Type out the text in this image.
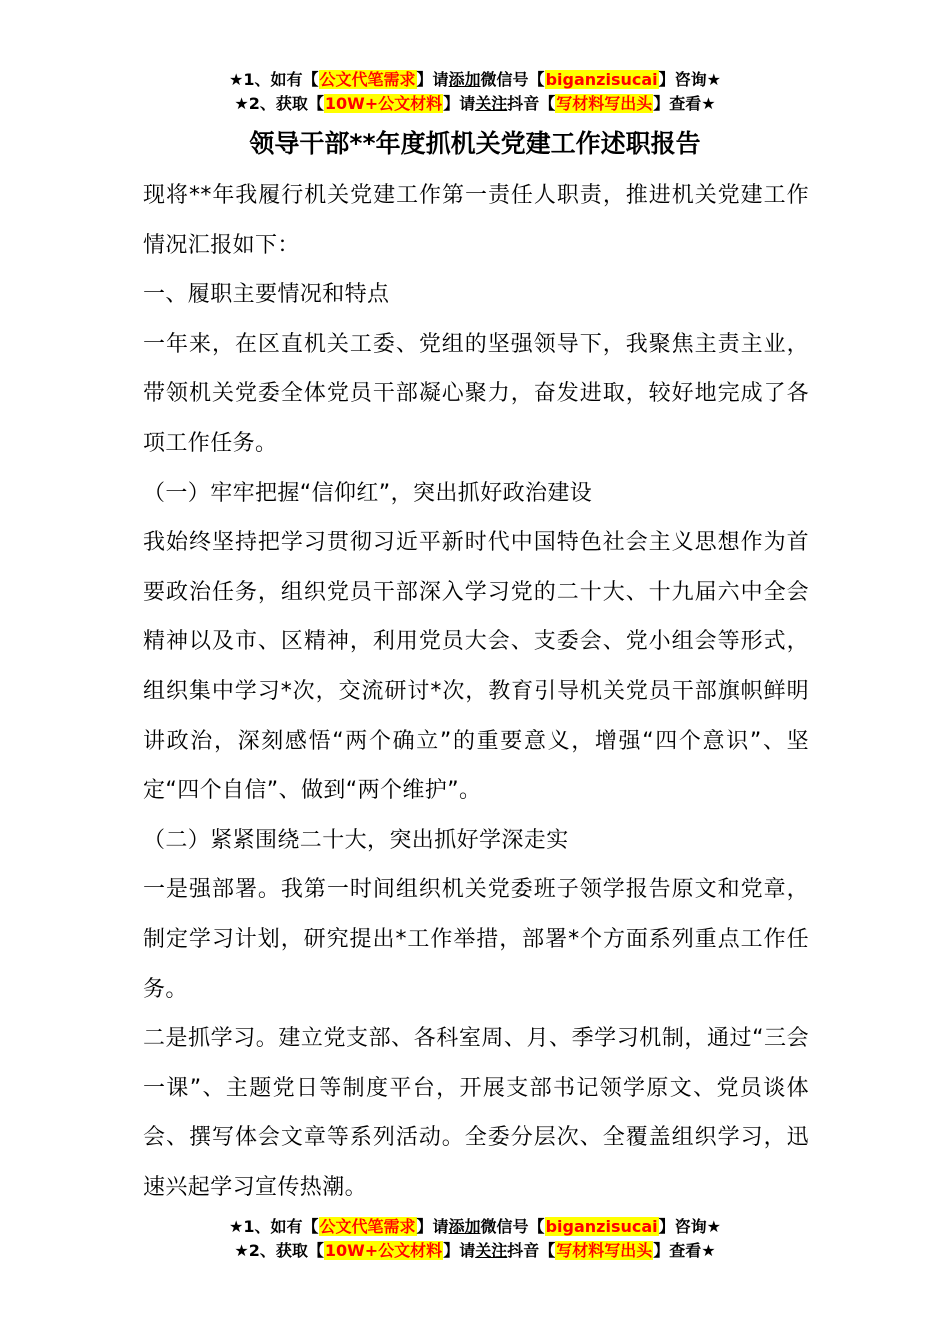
★1、如有【公文代笔需求】请添加微信号【biganzisucai】咨询★
★2、获取【10W+公文材料】请关注抖音【写材料写出头】查看★
领导干部**年度抓机关党建工作述职报告

现将**年我履行机关党建工作第一责任人职责，推进机关党建工作情况汇报如下：

一、履职主要情况和特点

一年来，在区直机关工委、党组的坚强领导下，我聚焦主责主业，带领机关党委全体党员干部凝心聚力，奋发进取，较好地完成了各项工作任务。

（一）牢牢把握“信仰红”，突出抓好政治建设

我始终坚持把学习贯彻习近平新时代中国特色社会主义思想作为首要政治任务，组织党员干部深入学习党的二十大、十九届六中全会精神以及市、区精神，利用党员大会、支委会、党小组会等形式，组织集中学习*次，交流研讨*次，教育引导机关党员干部旗帜鲜明讲政治，深刻感悟“两个确立”的重要意义，增强“四个意识”、坚定“四个自信”、做到“两个维护”。

（二）紧紧围绕二十大，突出抓好学深走实

一是强部署。我第一时间组织机关党委班子领学报告原文和党章，制定学习计划，研究提出*工作举措，部署*个方面系列重点工作任务。

二是抓学习。建立党支部、各科室周、月、季学习机制，通过“三会一课”、主题党日等制度平台，开展支部书记领学原文、党员谈体会、撰写体会文章等系列活动。全委分层次、全覆盖组织学习，迅速兴起学习宣传热潮。

★1、如有【公文代笔需求】请添加微信号【biganzisucai】咨询★
★2、获取【10W+公文材料】请关注抖音【写材料写出头】查看★
